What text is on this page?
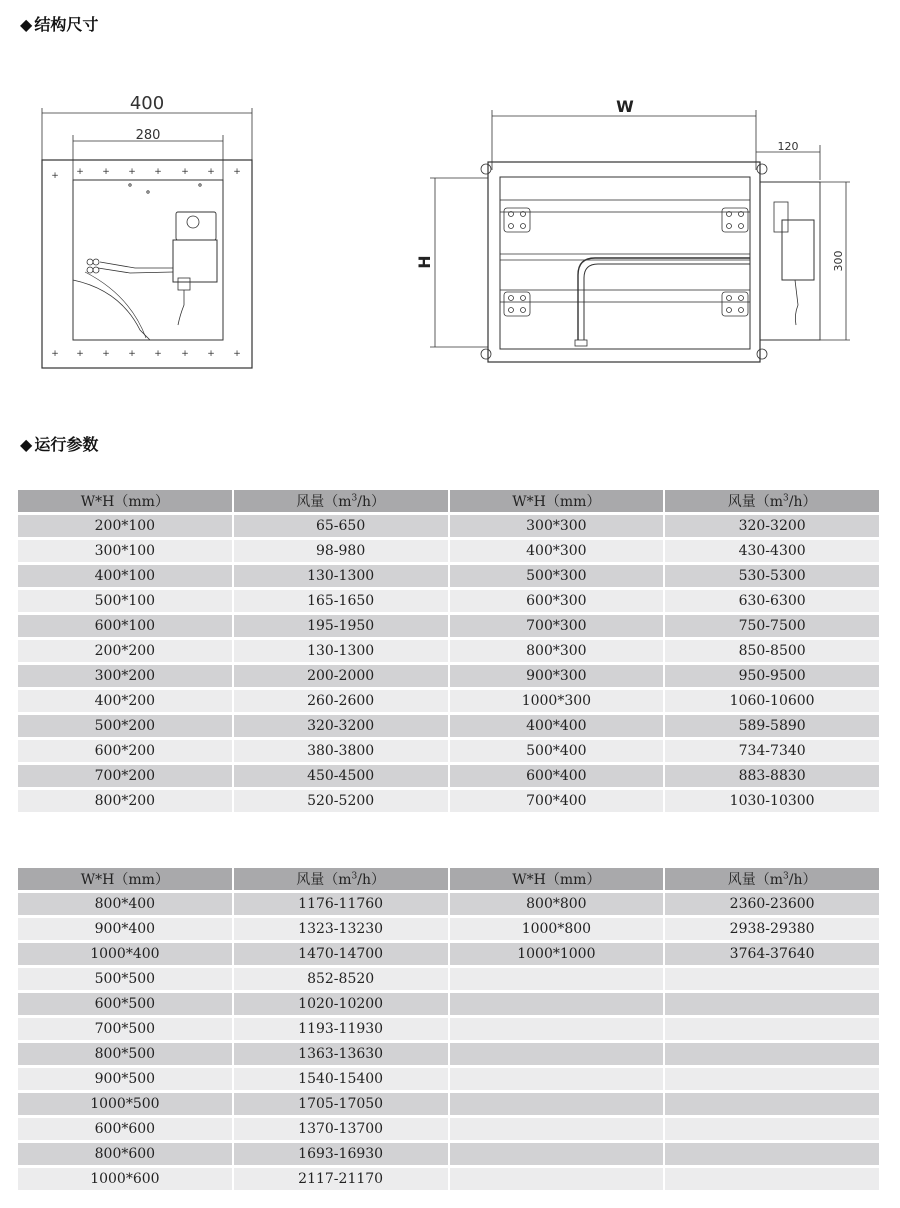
◆ 结构尺寸
+ + + + + + + +
+ + + + + + + +
400
280
W
120
H	300
◆ 运行参数
W*H（mm）	风量$(m^3/h)$	W*H（mm）	风量$(m^3/h)$
200*100	65-650	300*300	320-3200
300*100	98-980	400*300	430-4300
400*100	130-1300	500*300	530-5300
500*100	165-1650	600*300	630-6300
600*100	195-1950	700*300	750-7500
200*200	130-1300	800*300	850-8500
300*200	200-2000	900*300	950-9500
400*200	260-2600	1000*300	1060-10600
500*200	320-3200	400*400	589-5890
600*200	380-3800	500*400	734-7340
700*200	450-4500	600*400	883-8830
800*200	520-5200	700*400	1030-10300
W*H（mm）	风量$(m^3/h)$	W*H（mm）	风量$(m^3/h)$
800*400	1176-11760	800*800	2360-23600
900*400	1323-13230	1000*800	2938-29380
1000*400	1470-14700	1000*1000	3764-37640
500*500	852-8520		
600*500	1020-10200		
700*500	1193-11930		
800*500	1363-13630		
900*500	1540-15400		
1000*500	1705-17050		
600*600	1370-13700		
800*600	1693-16930		
1000*600	2117-21170		
